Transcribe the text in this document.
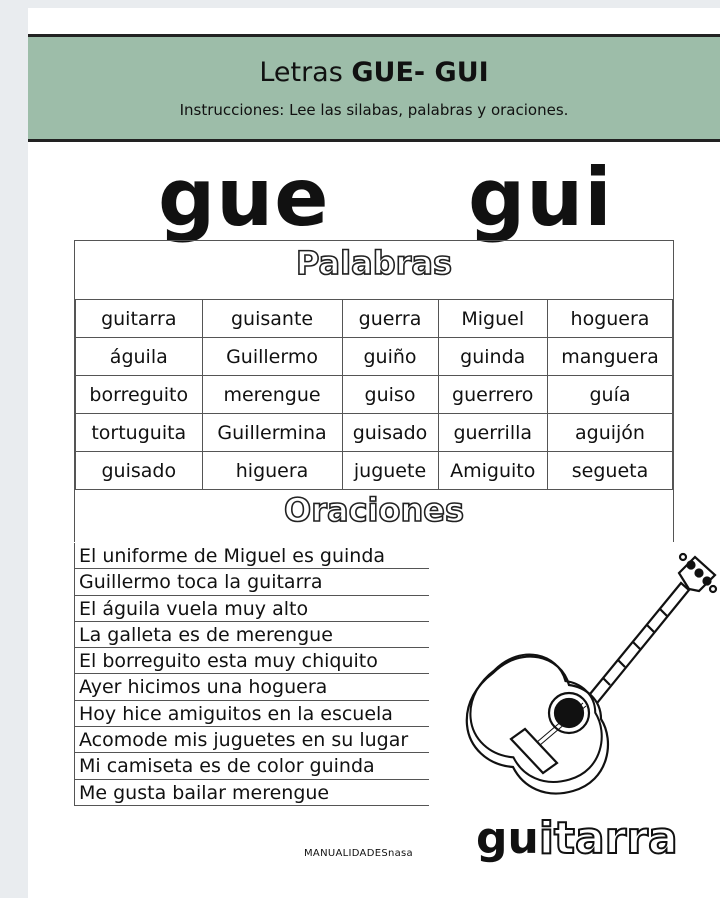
Letras GUE- GUI
Instrucciones: Lee las silabas, palabras y oraciones.
gue gui
Palabras
guitarra	guisante	guerra	Miguel	hoguera
águila	Guillermo	guiño	guinda	manguera
borreguito	merengue	guiso	guerrero	guía
tortuguita	Guillermina	guisado	guerrilla	aguijón
guisado	higuera	juguete	Amiguito	segueta
Oraciones
El uniforme de Miguel es guinda
Guillermo toca la guitarra
El águila vuela muy alto
La galleta es de merengue
El borreguito esta muy chiquito
Ayer hicimos una hoguera
Hoy hice amiguitos en la escuela
Acomode mis juguetes en su lugar
Mi camiseta es de color guinda
Me gusta bailar merengue
MANUALIDADESnasa guitarra
